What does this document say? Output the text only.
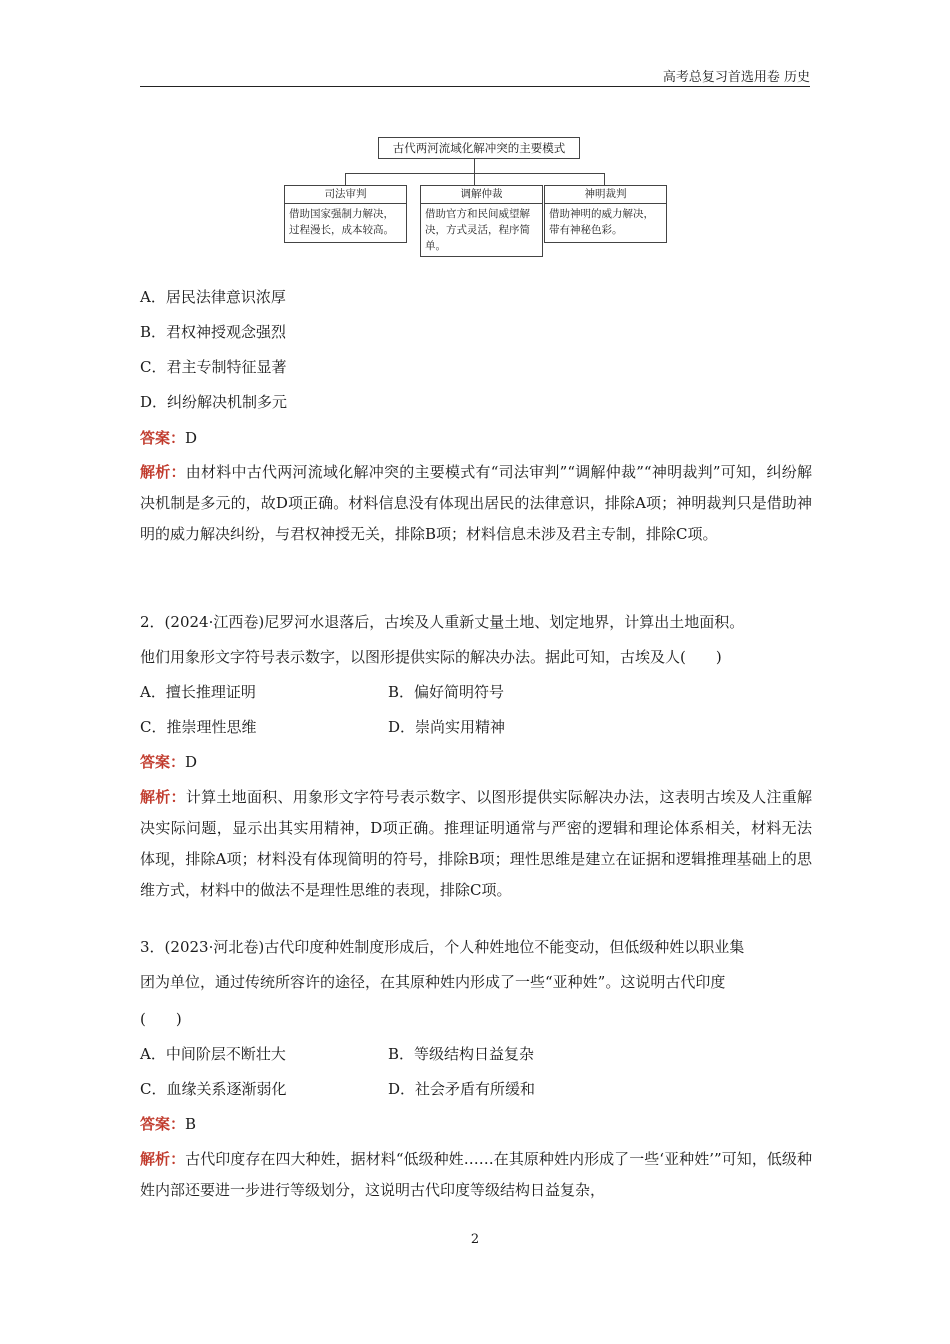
高考总复习首选用卷 历史
古代两河流域化解冲突的主要模式
司法审判
借助国家强制力解决，过程漫长，成本较高。
调解仲裁
借助官方和民间威望解决，方式灵活，程序简单。
神明裁判
借助神明的威力解决，带有神秘色彩。
A．居民法律意识浓厚
B．君权神授观念强烈
C．君主专制特征显著
D．纠纷解决机制多元
答案：D
解析：由材料中古代两河流域化解冲突的主要模式有“司法审判”“调解仲裁”“神明裁判”可知，纠纷解决机制是多元的，故D项正确。材料信息没有体现出居民的法律意识，排除A项；神明裁判只是借助神明的威力解决纠纷，与君权神授无关，排除B项；材料信息未涉及君主专制，排除C项。
2．(2024·江西卷)尼罗河水退落后，古埃及人重新丈量土地、划定地界，计算出土地面积。
他们用象形文字符号表示数字，以图形提供实际的解决办法。据此可知，古埃及人(　　)
A．擅长推理证明	B．偏好简明符号
C．推崇理性思维	D．崇尚实用精神
答案：D
解析：计算土地面积、用象形文字符号表示数字、以图形提供实际解决办法，这表明古埃及人注重解决实际问题，显示出其实用精神，D项正确。推理证明通常与严密的逻辑和理论体系相关，材料无法体现，排除A项；材料没有体现简明的符号，排除B项；理性思维是建立在证据和逻辑推理基础上的思维方式，材料中的做法不是理性思维的表现，排除C项。
3．(2023·河北卷)古代印度种姓制度形成后，个人种姓地位不能变动，但低级种姓以职业集
团为单位，通过传统所容许的途径，在其原种姓内形成了一些“亚种姓”。这说明古代印度
(　　)
A．中间阶层不断壮大	B．等级结构日益复杂
C．血缘关系逐渐弱化	D．社会矛盾有所缓和
答案：B
解析：古代印度存在四大种姓，据材料“低级种姓……在其原种姓内形成了一些‘亚种姓’”可知，低级种姓内部还要进一步进行等级划分，这说明古代印度等级结构日益复杂，
2
